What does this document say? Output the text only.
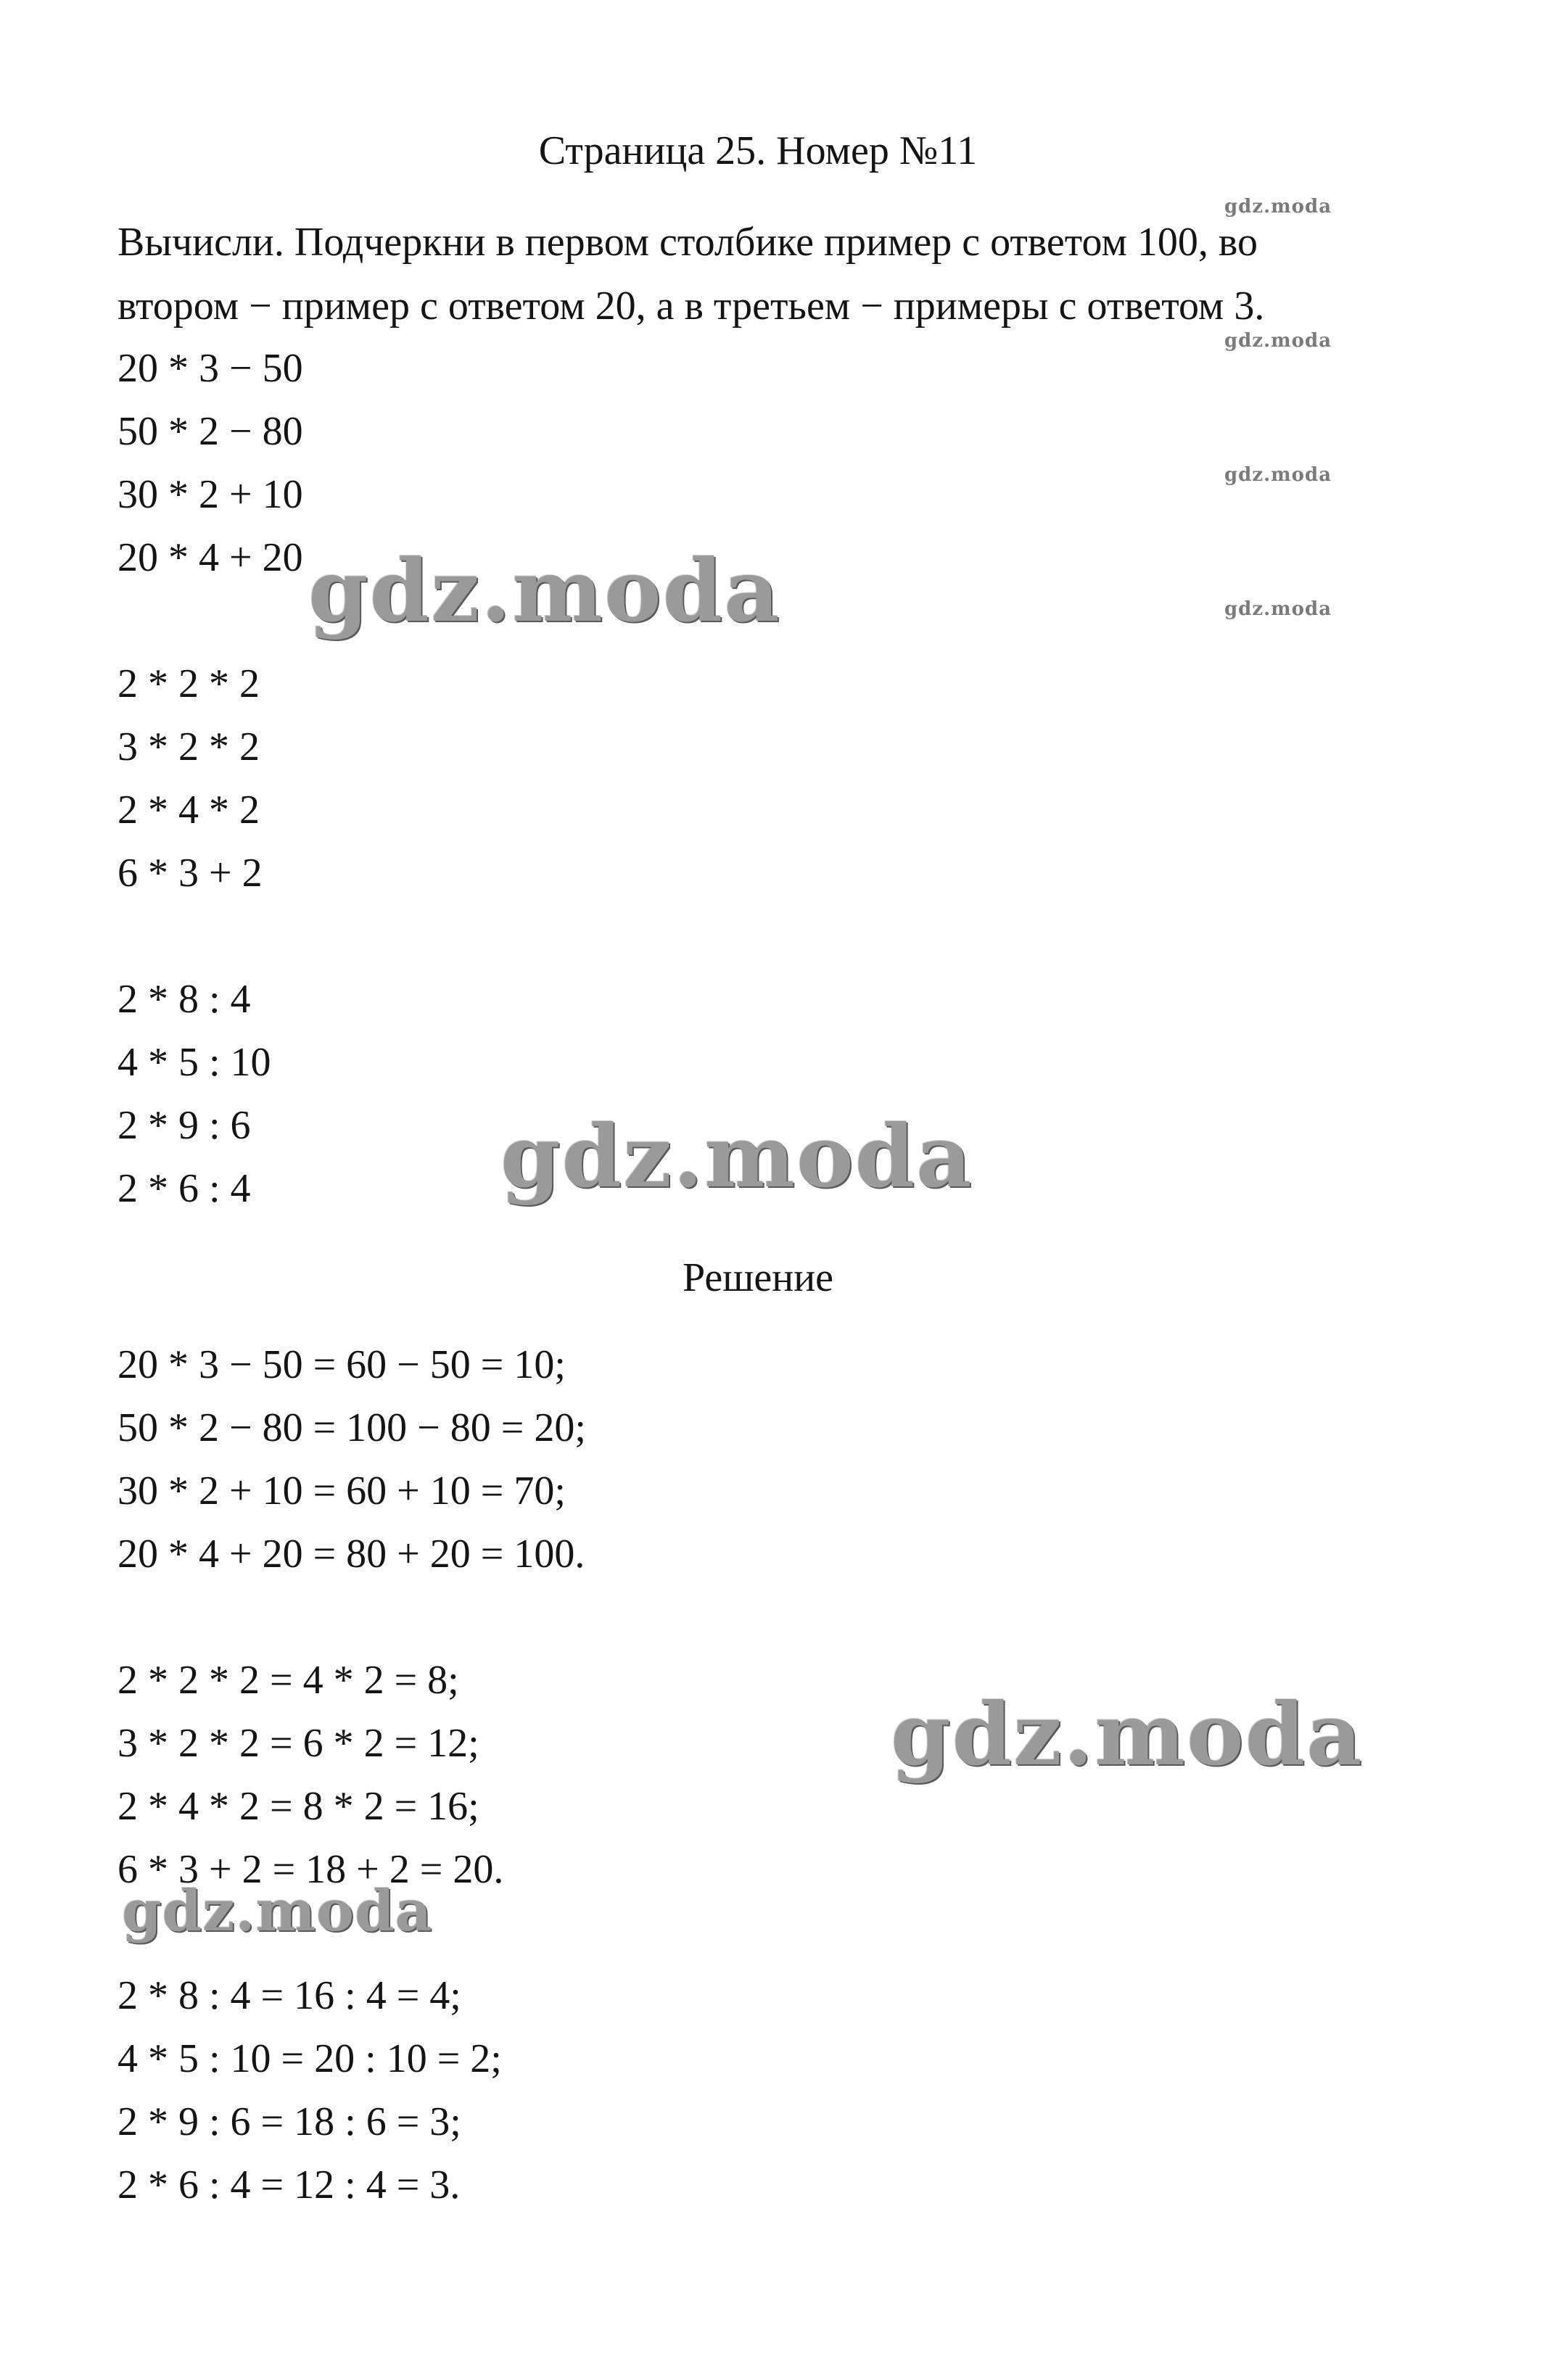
Страница 25. Номер №11
Вычисли. Подчеркни в первом столбике пример с ответом 100, во втором − пример с ответом 20, а в третьем − примеры с ответом 3.
20 * 3 − 50
50 * 2 − 80
30 * 2 + 10
20 * 4 + 20
2 * 2 * 2
3 * 2 * 2
2 * 4 * 2
6 * 3 + 2
2 * 8 : 4
4 * 5 : 10
2 * 9 : 6
2 * 6 : 4
Решение
20 * 3 − 50 = 60 − 50 = 10;
50 * 2 − 80 = 100 − 80 = 20;
30 * 2 + 10 = 60 + 10 = 70;
20 * 4 + 20 = 80 + 20 = 100.
2 * 2 * 2 = 4 * 2 = 8;
3 * 2 * 2 = 6 * 2 = 12;
2 * 4 * 2 = 8 * 2 = 16;
6 * 3 + 2 = 18 + 2 = 20.
2 * 8 : 4 = 16 : 4 = 4;
4 * 5 : 10 = 20 : 10 = 2;
2 * 9 : 6 = 18 : 6 = 3;
2 * 6 : 4 = 12 : 4 = 3.
gdz.moda
gdz.moda
gdz.moda
gdz.moda
gdz.moda
gdz.moda
gdz.moda
gdz.moda
